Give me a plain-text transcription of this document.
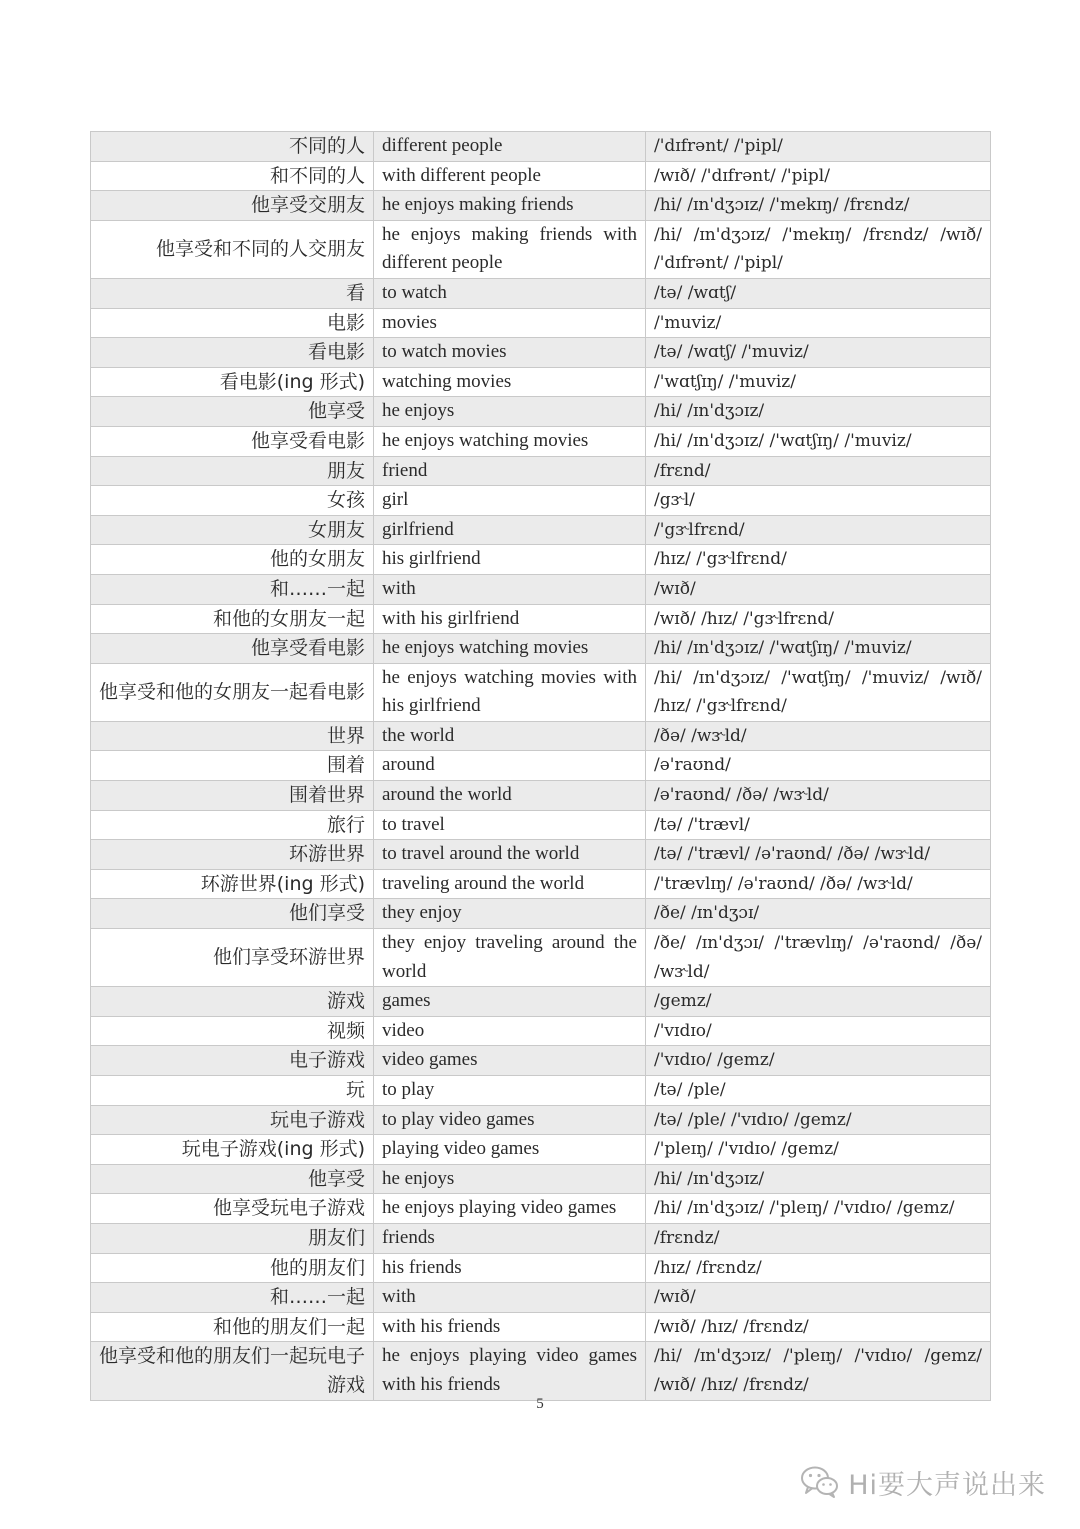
不同的人	different people	/'dɪfrənt/ /'pipl/
和不同的人	with different people	/wɪð/ /'dɪfrənt/ /'pipl/
他享受交朋友	he enjoys making friends	/hi/ /ɪn'dʒɔɪz/ /'mekɪŋ/ /frɛndz/
他享受和不同的人交朋友	he enjoys making friends with different people	/hi/ /ɪn'dʒɔɪz/ /'mekɪŋ/ /frɛndz/ /wɪð/ /'dɪfrənt/ /'pipl/
看	to watch	/tə/ /wɑtʃ/
电影	movies	/'muviz/
看电影	to watch movies	/tə/ /wɑtʃ/ /'muviz/
看电影(ing 形式)	watching movies	/'wɑtʃɪŋ/ /'muviz/
他享受	he enjoys	/hi/ /ɪn'dʒɔɪz/
他享受看电影	he enjoys watching movies	/hi/ /ɪn'dʒɔɪz/ /'wɑtʃɪŋ/ /'muviz/
朋友	friend	/frɛnd/
女孩	girl	/gɝl/
女朋友	girlfriend	/'gɝlfrɛnd/
他的女朋友	his girlfriend	/hɪz/ /'gɝlfrɛnd/
和……一起	with	/wɪð/
和他的女朋友一起	with his girlfriend	/wɪð/ /hɪz/ /'gɝlfrɛnd/
他享受看电影	he enjoys watching movies	/hi/ /ɪn'dʒɔɪz/ /'wɑtʃɪŋ/ /'muviz/
他享受和他的女朋友一起看电影	he enjoys watching movies with his girlfriend	/hi/ /ɪn'dʒɔɪz/ /'wɑtʃɪŋ/ /'muviz/ /wɪð/ /hɪz/ /'gɝlfrɛnd/
世界	the world	/ðə/ /wɝld/
围着	around	/ə'raʊnd/
围着世界	around the world	/ə'raʊnd/ /ðə/ /wɝld/
旅行	to travel	/tə/ /'trævl/
环游世界	to travel around the world	/tə/ /'trævl/ /ə'raʊnd/ /ðə/ /wɝld/
环游世界(ing 形式)	traveling around the world	/'trævlɪŋ/ /ə'raʊnd/ /ðə/ /wɝld/
他们享受	they enjoy	/ðe/ /ɪn'dʒɔɪ/
他们享受环游世界	they enjoy traveling around the world	/ðe/ /ɪn'dʒɔɪ/ /'trævlɪŋ/ /ə'raʊnd/ /ðə/ /wɝld/
游戏	games	/gemz/
视频	video	/'vɪdɪo/
电子游戏	video games	/'vɪdɪo/ /gemz/
玩	to play	/tə/ /ple/
玩电子游戏	to play video games	/tə/ /ple/ /'vɪdɪo/ /gemz/
玩电子游戏(ing 形式)	playing video games	/'pleɪŋ/ /'vɪdɪo/ /gemz/
他享受	he enjoys	/hi/ /ɪn'dʒɔɪz/
他享受玩电子游戏	he enjoys playing video games	/hi/ /ɪn'dʒɔɪz/ /'pleɪŋ/ /'vɪdɪo/ /gemz/
朋友们	friends	/frɛndz/
他的朋友们	his friends	/hɪz/ /frɛndz/
和……一起	with	/wɪð/
和他的朋友们一起	with his friends	/wɪð/ /hɪz/ /frɛndz/
他享受和他的朋友们一起玩电子游戏	he enjoys playing video games with his friends	/hi/ /ɪn'dʒɔɪz/ /'pleɪŋ/ /'vɪdɪo/ /gemz/ /wɪð/ /hɪz/ /frɛndz/
5
Hi要大声说出来
